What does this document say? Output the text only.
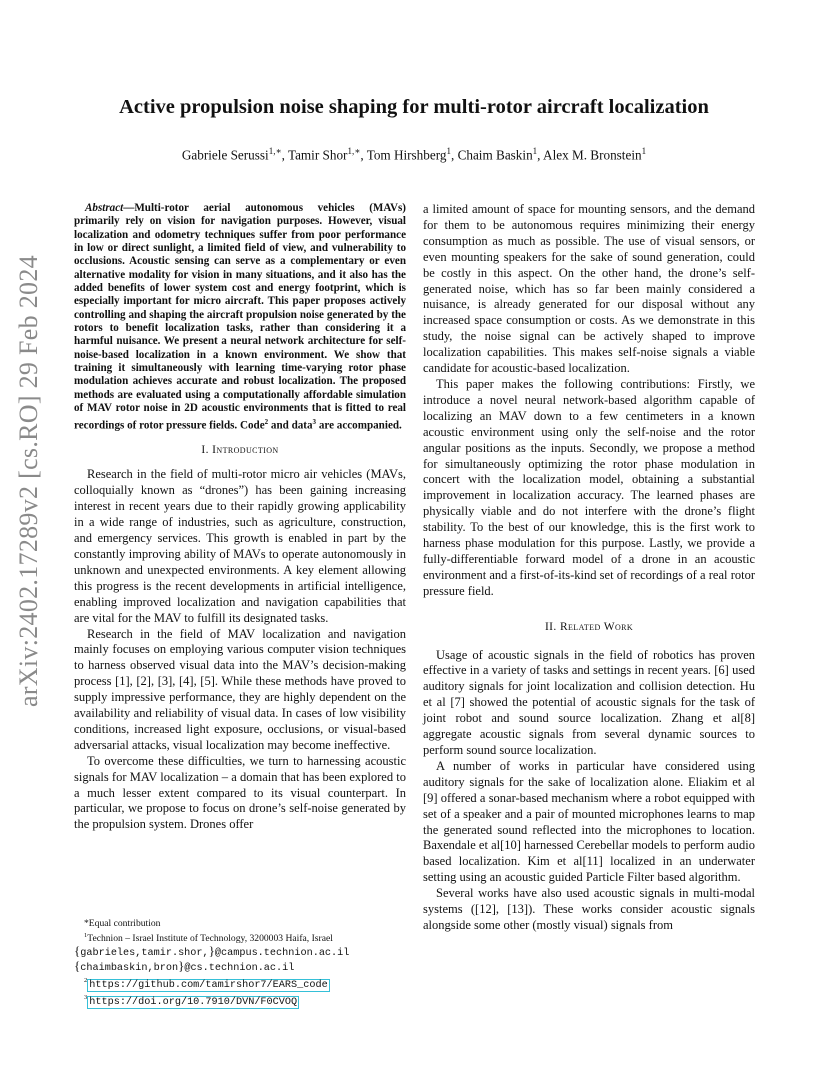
arXiv:2402.17289v2 [cs.RO] 29 Feb 2024
Active propulsion noise shaping for multi-rotor aircraft localization
Gabriele Serussi$^{1,∗}$, Tamir Shor$^{1,∗}$, Tom Hirshberg$^1$, Chaim Baskin$^1$, Alex M. Bronstein$^1$

Abstract—Multi-rotor aerial autonomous vehicles (MAVs) primarily rely on vision for navigation purposes. However, visual localization and odometry techniques suffer from poor performance in low or direct sunlight, a limited field of view, and vulnerability to occlusions. Acoustic sensing can serve as a complementary or even alternative modality for vision in many situations, and it also has the added benefits of lower system cost and energy footprint, which is especially important for micro aircraft. This paper proposes actively controlling and shaping the aircraft propulsion noise generated by the rotors to benefit localization tasks, rather than considering it a harmful nuisance. We present a neural network architecture for self-noise-based localization in a known environment. We show that training it simultaneously with learning time-varying rotor phase modulation achieves accurate and robust localization. The proposed methods are evaluated using a computationally affordable simulation of MAV rotor noise in 2D acoustic environments that is fitted to real recordings of rotor pressure fields. Code$^2$ and data$^3$ are accompanied.

I. Introduction

Research in the field of multi-rotor micro air vehicles (MAVs, colloquially known as “drones”) has been gaining increasing interest in recent years due to their rapidly growing applicability in a wide range of industries, such as agriculture, construction, and emergency services. This growth is enabled in part by the constantly improving ability of MAVs to operate autonomously in unknown and unexpected environments. A key element allowing this progress is the recent developments in artificial intelligence, enabling improved localization and navigation capabilities that are vital for the MAV to fulfill its designated tasks.

Research in the field of MAV localization and navigation mainly focuses on employing various computer vision techniques to harness observed visual data into the MAV’s decision-making process [1], [2], [3], [4], [5]. While these methods have proved to supply impressive performance, they are highly dependent on the availability and reliability of visual data. In cases of low visibility conditions, increased light exposure, occlusions, or visual-based adversarial attacks, visual localization may become ineffective.

To overcome these difficulties, we turn to harnessing acoustic signals for MAV localization – a domain that has been explored to a much lesser extent compared to its visual counterpart. In particular, we propose to focus on drone’s self-noise generated by the propulsion system. Drones offer

a limited amount of space for mounting sensors, and the demand for them to be autonomous requires minimizing their energy consumption as much as possible. The use of visual sensors, or even mounting speakers for the sake of sound generation, could be costly in this aspect. On the other hand, the drone’s self-generated noise, which has so far been mainly considered a nuisance, is already generated for our disposal without any increased space consumption or costs. As we demonstrate in this study, the noise signal can be actively shaped to improve localization capabilities. This makes self-noise signals a viable candidate for acoustic-based localization.

This paper makes the following contributions: Firstly, we introduce a novel neural network-based algorithm capable of localizing an MAV down to a few centimeters in a known acoustic environment using only the self-noise and the rotor angular positions as the inputs. Secondly, we propose a method for simultaneously optimizing the rotor phase modulation in concert with the localization model, obtaining a substantial improvement in localization accuracy. The learned phases are physically viable and do not interfere with the drone’s flight stability. To the best of our knowledge, this is the first work to harness phase modulation for this purpose. Lastly, we provide a fully-differentiable forward model of a drone in an acoustic environment and a first-of-its-kind set of recordings of a real rotor pressure field.

II. Related Work

Usage of acoustic signals in the field of robotics has proven effective in a variety of tasks and settings in recent years. [6] used auditory signals for joint localization and collision detection. Hu et al [7] showed the potential of acoustic signals for the task of joint robot and sound source localization. Zhang et al[8] aggregate acoustic signals from several dynamic sources to perform sound source localization.

A number of works in particular have considered using auditory signals for the sake of localization alone. Eliakim et al [9] offered a sonar-based mechanism where a robot equipped with set of a speaker and a pair of mounted microphones learns to map the generated sound reflected into the microphones to location. Baxendale et al[10] harnessed Cerebellar models to perform audio based localization. Kim et al[11] localized in an underwater setting using an acoustic guided Particle Filter based algorithm.

Several works have also used acoustic signals in multi-modal systems ([12], [13]). These works consider acoustic signals alongside some other (mostly visual) signals from

*Equal contribution
$^1$Technion – Israel Institute of Technology, 3200003 Haifa, Israel
{gabrieles,tamir.shor,}@campus.technion.ac.il
{chaimbaskin,bron}@cs.technion.ac.il
$^2$ https://github.com/tamirshor7/EARS_code
$^3$ https://doi.org/10.7910/DVN/F0CVOQ
